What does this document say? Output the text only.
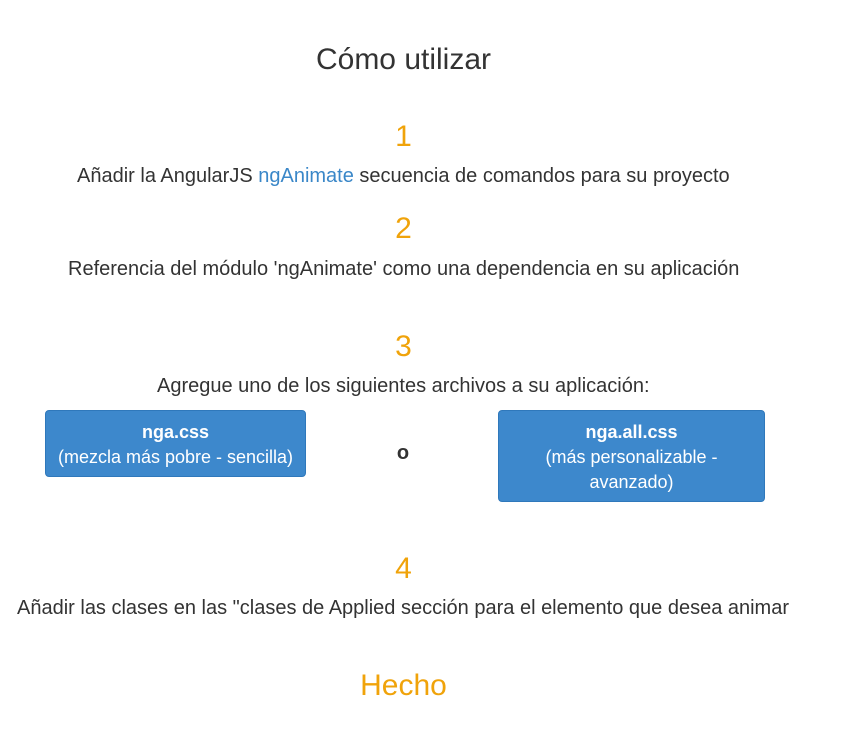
Cómo utilizar
1
Añadir la AngularJS ngAnimate secuencia de comandos para su proyecto
2
Referencia del módulo 'ngAnimate' como una dependencia en su aplicación
3
Agregue uno de los siguientes archivos a su aplicación:
nga.css
(mezcla más pobre - sencilla)	o
nga.all.css
(más personalizable - avanzado)
4
Añadir las clases en las "clases de Applied sección para el elemento que desea animar
Hecho
